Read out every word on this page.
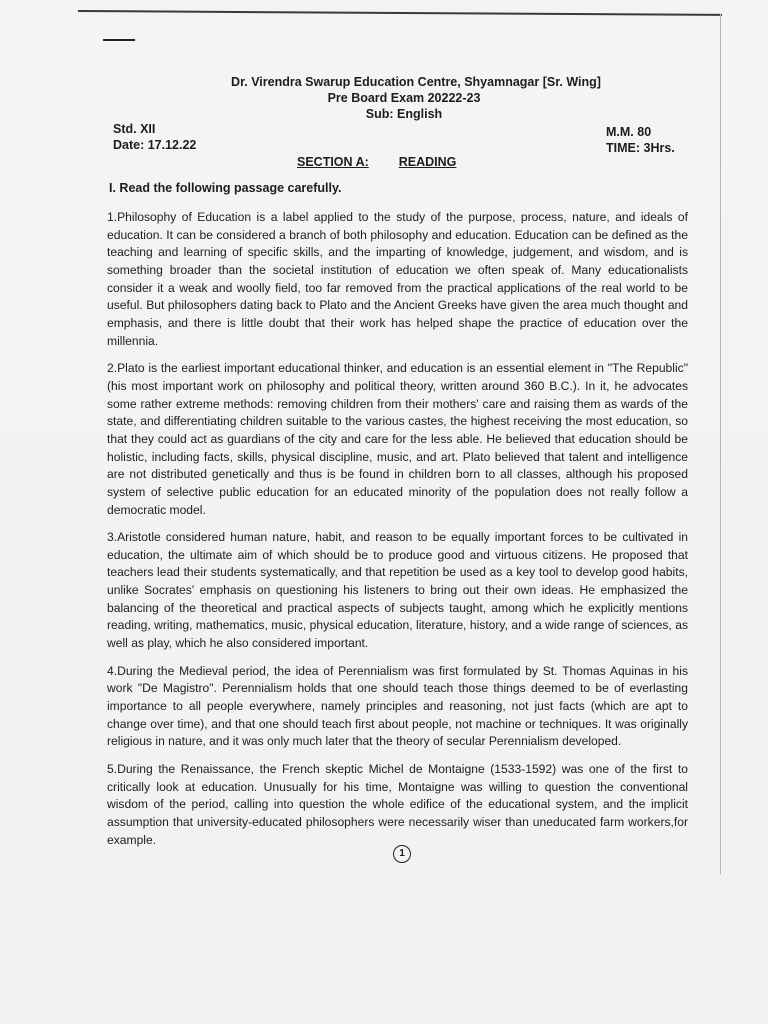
Dr. Virendra Swarup Education Centre, Shyamnagar [Sr. Wing]
Pre Board Exam 20222-23
Sub: English
Std. XII
Date: 17.12.22
M.M. 80
TIME: 3Hrs.
SECTION A: READING
I. Read the following passage carefully.

1.Philosophy of Education is a label applied to the study of the purpose, process, nature, and ideals of education. It can be considered a branch of both philosophy and education. Education can be defined as the teaching and learning of specific skills, and the imparting of knowledge, judgement, and wisdom, and is something broader than the societal institution of education we often speak of. Many educationalists consider it a weak and woolly field, too far removed from the practical applications of the real world to be useful. But philosophers dating back to Plato and the Ancient Greeks have given the area much thought and emphasis, and there is little doubt that their work has helped shape the practice of education over the millennia.

2.Plato is the earliest important educational thinker, and education is an essential element in "The Republic" (his most important work on philosophy and political theory, written around 360 B.C.). In it, he advocates some rather extreme methods: removing children from their mothers' care and raising them as wards of the state, and differentiating children suitable to the various castes, the highest receiving the most education, so that they could act as guardians of the city and care for the less able. He believed that education should be holistic, including facts, skills, physical discipline, music, and art. Plato believed that talent and intelligence are not distributed genetically and thus is be found in children born to all classes, although his proposed system of selective public education for an educated minority of the population does not really follow a democratic model.

3.Aristotle considered human nature, habit, and reason to be equally important forces to be cultivated in education, the ultimate aim of which should be to produce good and virtuous citizens. He proposed that teachers lead their students systematically, and that repetition be used as a key tool to develop good habits, unlike Socrates' emphasis on questioning his listeners to bring out their own ideas. He emphasized the balancing of the theoretical and practical aspects of subjects taught, among which he explicitly mentions reading, writing, mathematics, music, physical education, literature, history, and a wide range of sciences, as well as play, which he also considered important.

4.During the Medieval period, the idea of Perennialism was first formulated by St. Thomas Aquinas in his work "De Magistro". Perennialism holds that one should teach those things deemed to be of everlasting importance to all people everywhere, namely principles and reasoning, not just facts (which are apt to change over time), and that one should teach first about people, not machine or techniques. It was originally religious in nature, and it was only much later that the theory of secular Perennialism developed.

5.During the Renaissance, the French skeptic Michel de Montaigne (1533-1592) was one of the first to critically look at education. Unusually for his time, Montaigne was willing to question the conventional wisdom of the period, calling into question the whole edifice of the educational system, and the implicit assumption that university-educated philosophers were necessarily wiser than uneducated farm workers,for example.

1
